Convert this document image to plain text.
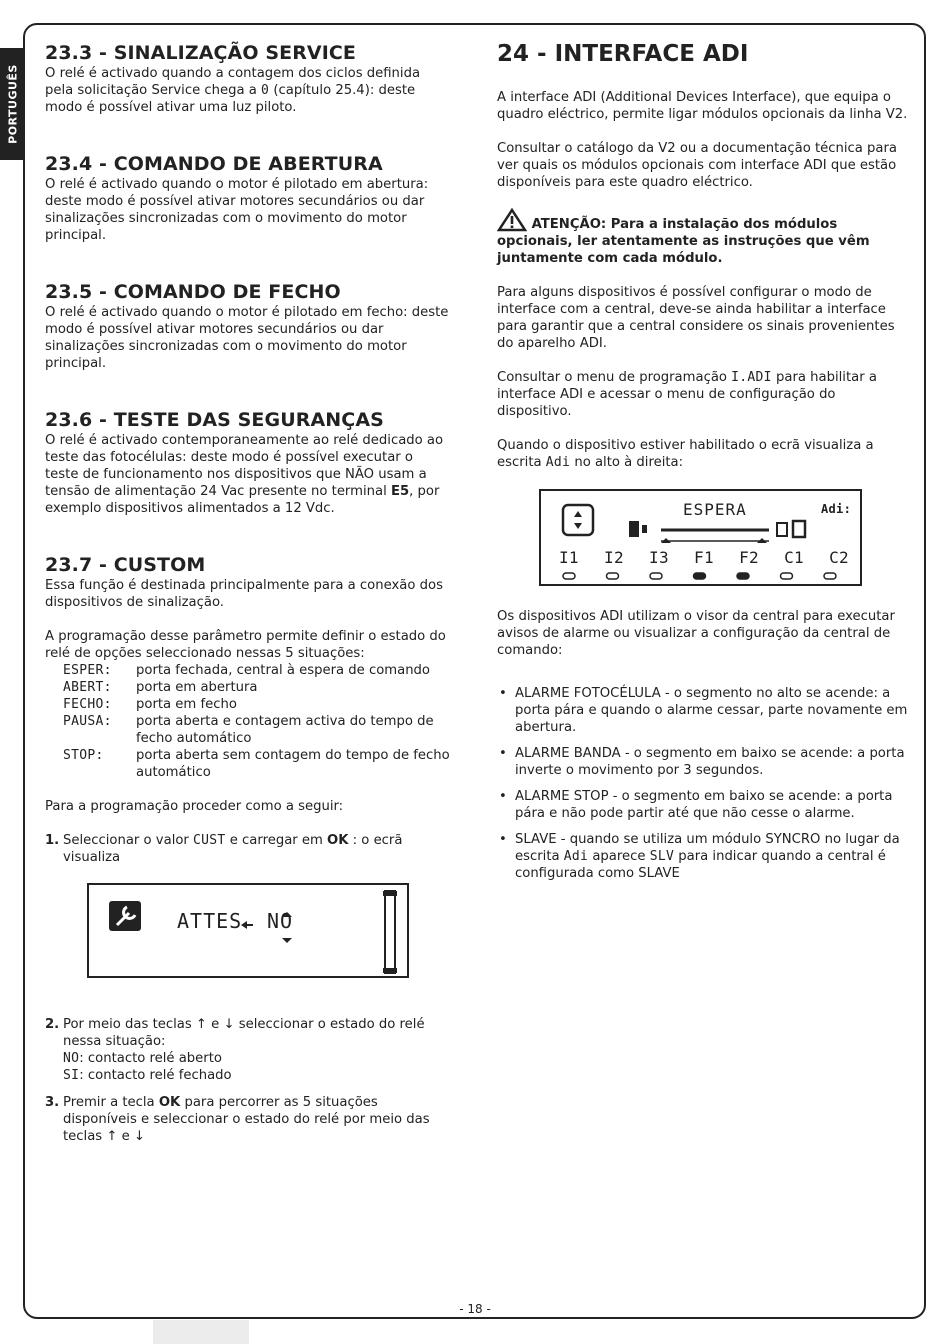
PORTUGUÊS
23.3 - SINALIZAÇÃO SERVICE

O relé é activado quando a contagem dos ciclos definida pela solicitação Service chega a 0 (capítulo 25.4): deste modo é possível ativar uma luz piloto.

23.4 - COMANDO DE ABERTURA

O relé é activado quando o motor é pilotado em abertura: deste modo é possível ativar motores secundários ou dar sinalizações sincronizadas com o movimento do motor principal.

23.5 - COMANDO DE FECHO

O relé é activado quando o motor é pilotado em fecho: deste modo é possível ativar motores secundários ou dar sinalizações sincronizadas com o movimento do motor principal.

23.6 - TESTE DAS SEGURANÇAS

O relé é activado contemporaneamente ao relé dedicado ao teste das fotocélulas: deste modo é possível executar o teste de funcionamento nos dispositivos que NÃO usam a tensão de alimentação 24 Vac presente no terminal E5, por exemplo dispositivos alimentados a 12 Vdc.

23.7 - CUSTOM

Essa função é destinada principalmente para a conexão dos dispositivos de sinalização.

A programação desse parâmetro permite definir o estado do relé de opções seleccionado nessas 5 situações:

ESPER:	porta fechada, central à espera de comando
ABERT:	porta em abertura
FECHO:	porta em fecho
PAUSA:	porta aberta e contagem activa do tempo de fecho automático
STOP:	porta aberta sem contagem do tempo de fecho automático

Para a programação proceder como a seguir:

1. Seleccionar o valor CUST e carregar em OK : o ecrã visualiza
ATTES NO
2. Por meio das teclas ↑ e ↓ seleccionar o estado do relé nessa situação:
NO: contacto relé aberto
SI: contacto relé fechado
3. Premir a tecla OK para percorrer as 5 situações disponíveis e seleccionar o estado do relé por meio das teclas ↑ e ↓
24 - INTERFACE ADI

A interface ADI (Additional Devices Interface), que equipa o quadro eléctrico, permite ligar módulos opcionais da linha V2.

Consultar o catálogo da V2 ou a documentação técnica para ver quais os módulos opcionais com interface ADI que estão disponíveis para este quadro eléctrico.

ATENÇÃO: Para a instalação dos módulos opcionais, ler atentamente as instruções que vêm juntamente com cada módulo.

Para alguns dispositivos é possível configurar o modo de interface com a central, deve-se ainda habilitar a interface para garantir que a central considere os sinais provenientes do aparelho ADI.

Consultar o menu de programação I.ADI para habilitar a interface ADI e acessar o menu de configuração do dispositivo.

Quando o dispositivo estiver habilitado o ecrã visualiza a escrita Adi no alto à direita:

ESPERA	Adi:
I1 I2 I3 F1 F2 C1 C2

Os dispositivos ADI utilizam o visor da central para executar avisos de alarme ou visualizar a configuração da central de comando:

• ALARME FOTOCÉLULA - o segmento no alto se acende: a porta pára e quando o alarme cessar, parte novamente em abertura.
• ALARME BANDA - o segmento em baixo se acende: a porta inverte o movimento por 3 segundos.
• ALARME STOP - o segmento em baixo se acende: a porta pára e não pode partir até que não cesse o alarme.
• SLAVE - quando se utiliza um módulo SYNCRO no lugar da escrita Adi aparece SLV para indicar quando a central é configurada como SLAVE
- 18 -
